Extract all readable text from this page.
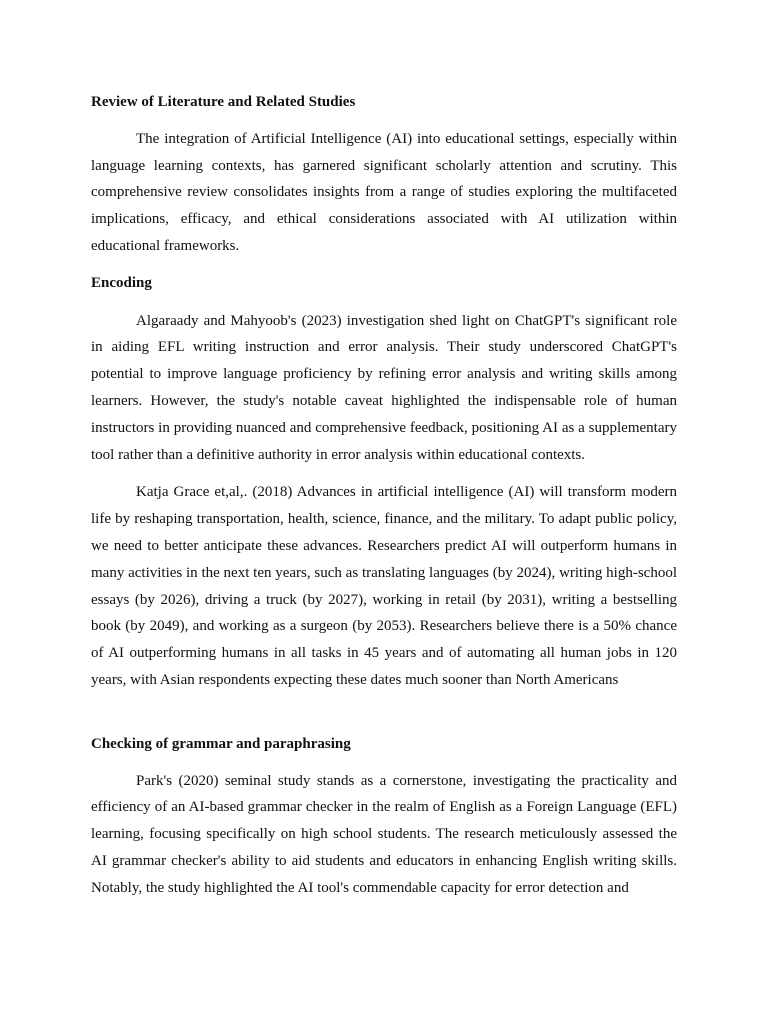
Review of Literature and Related Studies

The integration of Artificial Intelligence (AI) into educational settings, especially within language learning contexts, has garnered significant scholarly attention and scrutiny. This comprehensive review consolidates insights from a range of studies exploring the multifaceted implications, efficacy, and ethical considerations associated with AI utilization within educational frameworks.

Encoding

Algaraady and Mahyoob's (2023) investigation shed light on ChatGPT's significant role in aiding EFL writing instruction and error analysis. Their study underscored ChatGPT's potential to improve language proficiency by refining error analysis and writing skills among learners. However, the study's notable caveat highlighted the indispensable role of human instructors in providing nuanced and comprehensive feedback, positioning AI as a supplementary tool rather than a definitive authority in error analysis within educational contexts.

Katja Grace et,al,. (2018) Advances in artificial intelligence (AI) will transform modern life by reshaping transportation, health, science, finance, and the military. To adapt public policy, we need to better anticipate these advances. Researchers predict AI will outperform humans in many activities in the next ten years, such as translating languages (by 2024), writing high-school essays (by 2026), driving a truck (by 2027), working in retail (by 2031), writing a bestselling book (by 2049), and working as a surgeon (by 2053). Researchers believe there is a 50% chance of AI outperforming humans in all tasks in 45 years and of automating all human jobs in 120 years, with Asian respondents expecting these dates much sooner than North Americans

Checking of grammar and paraphrasing

Park's (2020) seminal study stands as a cornerstone, investigating the practicality and efficiency of an AI-based grammar checker in the realm of English as a Foreign Language (EFL) learning, focusing specifically on high school students. The research meticulously assessed the AI grammar checker's ability to aid students and educators in enhancing English writing skills. Notably, the study highlighted the AI tool's commendable capacity for error detection and
